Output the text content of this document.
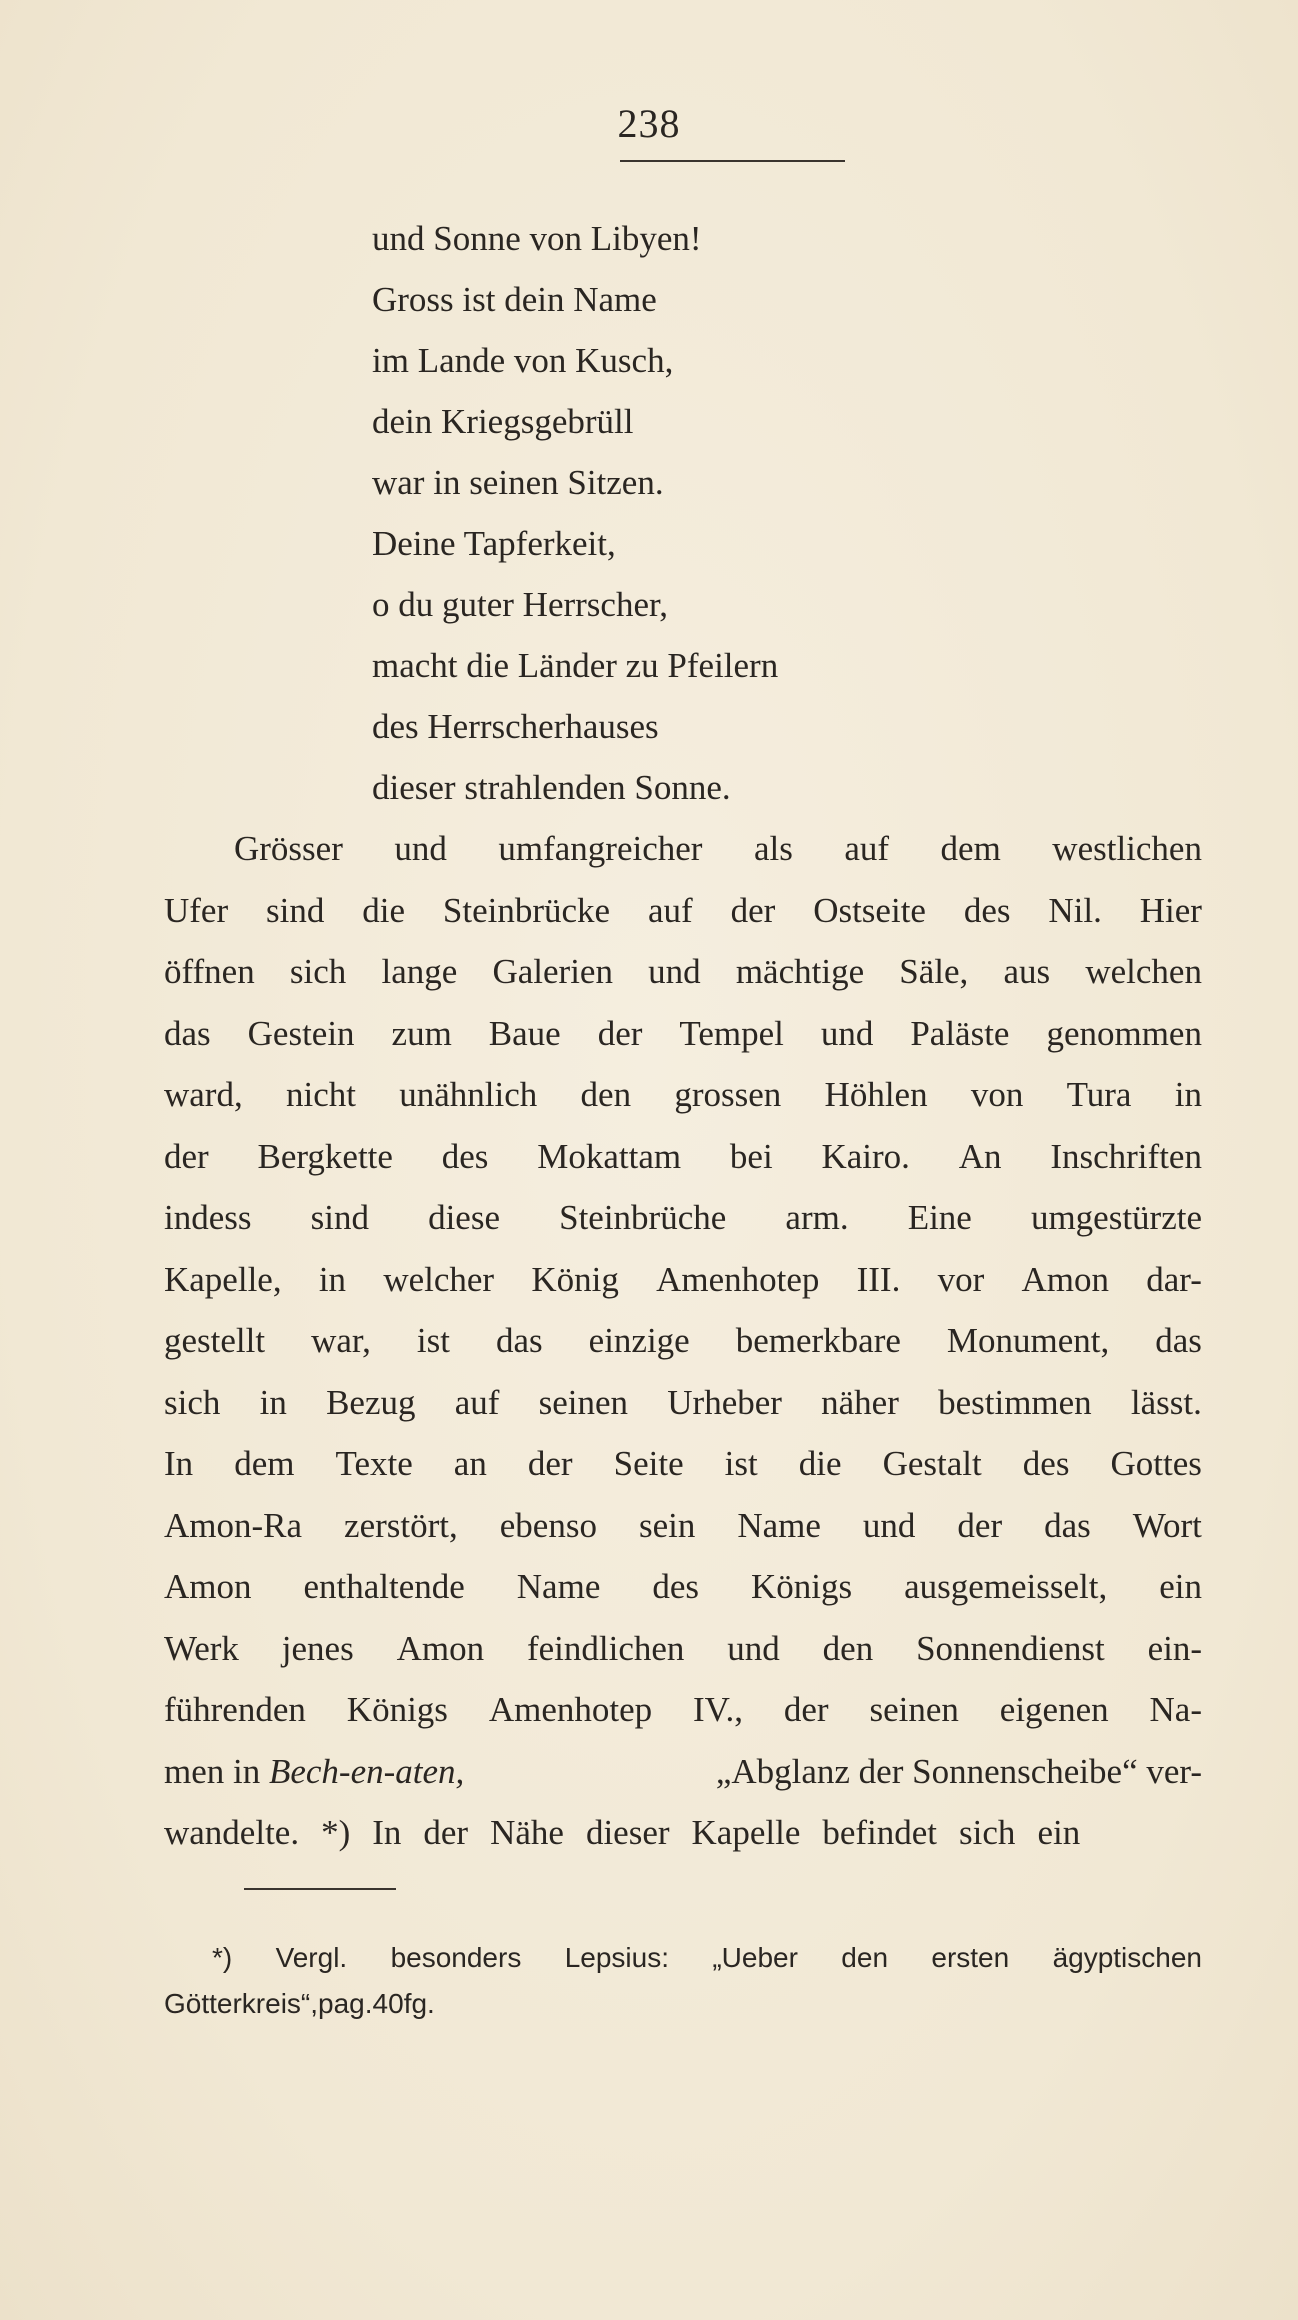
238
und Sonne von Libyen!
Gross ist dein Name
im Lande von Kusch,
dein Kriegsgebrüll
war in seinen Sitzen.
Deine Tapferkeit,
o du guter Herrscher,
macht die Länder zu Pfeilern
des Herrscherhauses
dieser strahlenden Sonne.
Grösser und umfangreicher als auf dem westlichen
Ufer sind die Steinbrücke auf der Ostseite des Nil. Hier
öffnen sich lange Galerien und mächtige Säle, aus welchen
das Gestein zum Baue der Tempel und Paläste genommen
ward, nicht unähnlich den grossen Höhlen von Tura in
der Bergkette des Mokattam bei Kairo. An Inschriften
indess sind diese Steinbrüche arm. Eine umgestürzte
Kapelle, in welcher König Amenhotep III. vor Amon dar-
gestellt war, ist das einzige bemerkbare Monument, das
sich in Bezug auf seinen Urheber näher bestimmen lässt.
In dem Texte an der Seite ist die Gestalt des Gottes
Amon-Ra zerstört, ebenso sein Name und der das Wort
Amon enthaltende Name des Königs ausgemeisselt, ein
Werk jenes Amon feindlichen und den Sonnendienst ein-
führenden Königs Amenhotep IV., der seinen eigenen Na-
men in Bech-en-aten,	„Abglanz der Sonnenscheibe“ ver-
wandelte. *) In der Nähe dieser Kapelle befindet sich ein
*) Vergl. besonders Lepsius: „Ueber den ersten ägyptischen
Götterkreis“, pag. 40 fg.
